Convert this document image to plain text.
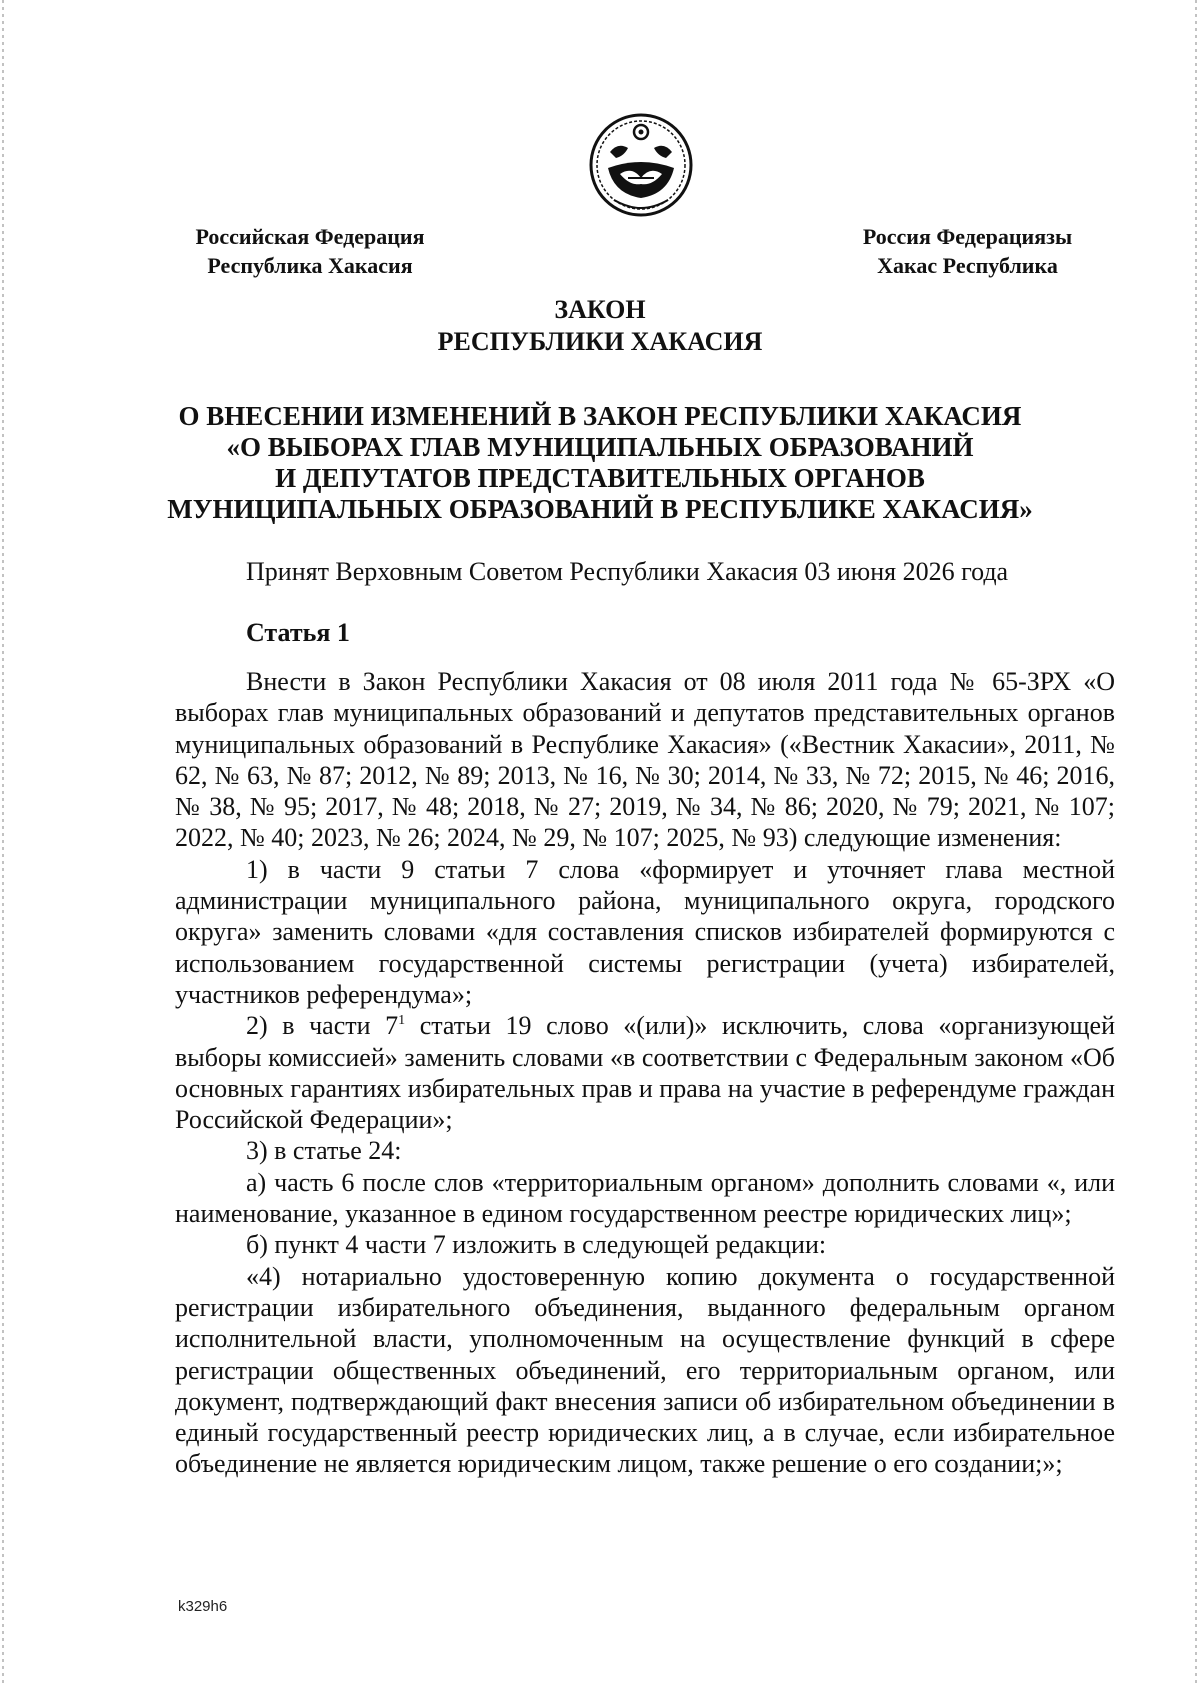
Российская Федерация
Республика Хакасия
Россия Федерациязы
Хакас Республика
ЗАКОН
РЕСПУБЛИКИ ХАКАСИЯ
О ВНЕСЕНИИ ИЗМЕНЕНИЙ В ЗАКОН РЕСПУБЛИКИ ХАКАСИЯ
«О ВЫБОРАХ ГЛАВ МУНИЦИПАЛЬНЫХ ОБРАЗОВАНИЙ
И ДЕПУТАТОВ ПРЕДСТАВИТЕЛЬНЫХ ОРГАНОВ
МУНИЦИПАЛЬНЫХ ОБРАЗОВАНИЙ В РЕСПУБЛИКЕ ХАКАСИЯ»
Принят Верховным Советом Республики Хакасия 03 июня 2026 года
Статья 1

Внести в Закон Республики Хакасия от 08 июля 2011 года № 65-ЗРХ «О выборах глав муниципальных образований и депутатов представительных органов муниципальных образований в Республике Хакасия» («Вестник Хакасии», 2011, № 62, № 63, № 87; 2012, № 89; 2013, № 16, № 30; 2014, № 33, № 72; 2015, № 46; 2016, № 38, № 95; 2017, № 48; 2018, № 27; 2019, № 34, № 86; 2020, № 79; 2021, № 107; 2022, № 40; 2023, № 26; 2024, № 29, № 107; 2025, № 93) следующие изменения:

1) в части 9 статьи 7 слова «формирует и уточняет глава местной администрации муниципального района, муниципального округа, городского округа» заменить словами «для составления списков избирателей формируются с использованием государственной системы регистрации (учета) избирателей, участников референдума»;

2) в части $7^1$ статьи 19 слово «(или)» исключить, слова «организующей выборы комиссией» заменить словами «в соответствии с Федеральным законом «Об основных гарантиях избирательных прав и права на участие в референдуме граждан Российской Федерации»;

3) в статье 24:

а) часть 6 после слов «территориальным органом» дополнить словами «, или наименование, указанное в едином государственном реестре юридических лиц»;

б) пункт 4 части 7 изложить в следующей редакции:

«4) нотариально удостоверенную копию документа о государственной регистрации избирательного объединения, выданного федеральным органом исполнительной власти, уполномоченным на осуществление функций в сфере регистрации общественных объединений, его территориальным органом, или документ, подтверждающий факт внесения записи об избирательном объединении в единый государственный реестр юридических лиц, а в случае, если избирательное объединение не является юридическим лицом, также решение о его создании;»;

k329h6
